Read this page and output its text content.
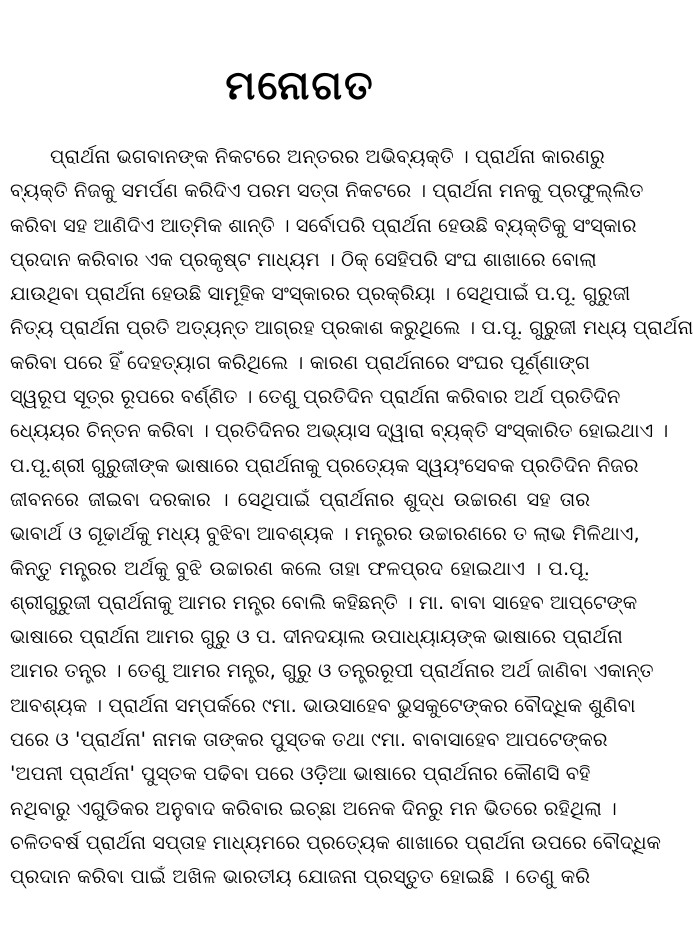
ମନୋଗତ
ପ୍ରାର୍ଥନା ଭଗବାନଙ୍କ ନିକଟରେ ଅନ୍ତରର ଅଭିବ୍ୟକ୍ତି । ପ୍ରାର୍ଥନା କାରଣରୁ
ବ୍ୟକ୍ତି ନିଜକୁ ସମର୍ପଣ କରିଦିଏ ପରମ ସତ୍ତା ନିକଟରେ । ପ୍ରାର୍ଥନା ମନକୁ ପ୍ରଫୁଲ୍ଲିତ
କରିବା ସହ ଆଣିଦିଏ ଆତ୍ମିକ ଶାନ୍ତି । ସର୍ବୋପରି ପ୍ରାର୍ଥନା ହେଉଛି ବ୍ୟକ୍ତିକୁ ସଂସ୍କାର
ପ୍ରଦାନ କରିବାର ଏକ ପ୍ରକୃଷ୍ଟ ମାଧ୍ୟମ । ଠିକ୍ ସେହିପରି ସଂଘ ଶାଖାରେ ବୋଲା
ଯାଉଥିବା ପ୍ରାର୍ଥନା ହେଉଛି ସାମୂହିକ ସଂସ୍କାରର ପ୍ରକ୍ରିୟା । ସେଥିପାଇଁ ପ.ପୂ. ଗୁରୁଜୀ
ନିତ୍ୟ ପ୍ରାର୍ଥନା ପ୍ରତି ଅତ୍ୟନ୍ତ ଆଗ୍ରହ ପ୍ରକାଶ କରୁଥିଲେ । ପ.ପୂ. ଗୁରୁଜୀ ମଧ୍ୟ ପ୍ରାର୍ଥନା
କରିବା ପରେ ହିଁ ଦେହତ୍ୟାଗ କରିଥିଲେ । କାରଣ ପ୍ରାର୍ଥନାରେ ସଂଘର ପୂର୍ଣ୍ଣାଙ୍ଗ
ସ୍ୱରୂପ ସୂତ୍ର ରୂପରେ ବର୍ଣ୍ଣିତ । ତେଣୁ ପ୍ରତିଦିନ ପ୍ରାର୍ଥନା କରିବାର ଅର୍ଥ ପ୍ରତିଦିନ
ଧ୍ୟେୟର ଚିନ୍ତନ କରିବା । ପ୍ରତିଦିନର ଅଭ୍ୟାସ ଦ୍ୱାରା ବ୍ୟକ୍ତି ସଂସ୍କାରିତ ହୋଇଥାଏ ।
ପ.ପୂ.ଶ୍ରୀ ଗୁରୁଜୀଙ୍କ ଭାଷାରେ ପ୍ରାର୍ଥନାକୁ ପ୍ରତ୍ୟେକ ସ୍ୱୟଂସେବକ ପ୍ରତିଦିନ ନିଜର
ଜୀବନରେ ଜୀଇବା ଦରକାର । ସେଥିପାଇଁ ପ୍ରାର୍ଥନାର ଶୁଦ୍ଧ ଉଚ୍ଚାରଣ ସହ ତାର
ଭାବାର୍ଥ ଓ ଗୂଢାର୍ଥକୁ ମଧ୍ୟ ବୁଝିବା ଆବଶ୍ୟକ । ମନ୍ତ୍ରର ଉଚ୍ଚାରଣରେ ତ ଲାଭ ମିଳିଥାଏ,
କିନ୍ତୁ ମନ୍ତ୍ରର ଅର୍ଥକୁ ବୁଝି ଉଚ୍ଚାରଣ କଲେ ତାହା ଫଳପ୍ରଦ ହୋଇଥାଏ । ପ.ପୂ.
ଶ୍ରୀଗୁରୁଜୀ ପ୍ରାର୍ଥନାକୁ ଆମର ମନ୍ତ୍ର ବୋଲି କହିଛନ୍ତି । ମା. ବାବା ସାହେବ ଆପ୍ଟେଙ୍କ
ଭାଷାରେ ପ୍ରାର୍ଥନା ଆମର ଗୁରୁ ଓ ପ. ଦୀନଦୟାଲ ଉପାଧ୍ୟାୟଙ୍କ ଭାଷାରେ ପ୍ରାର୍ଥନା
ଆମର ତନ୍ତ୍ର । ତେଣୁ ଆମର ମନ୍ତ୍ର, ଗୁରୁ ଓ ତନ୍ତ୍ରରୂପୀ ପ୍ରାର୍ଥନାର ଅର୍ଥ ଜାଣିବା ଏକାନ୍ତ
ଆବଶ୍ୟକ । ପ୍ରାର୍ଥନା ସମ୍ପର୍କରେ ୯ମା. ଭାଉସାହେବ ଭୁସକୁଟେଙ୍କର ବୌଦ୍ଧିକ ଶୁଣିବା
ପରେ ଓ 'ପ୍ରାର୍ଥନା' ନାମକ ତାଙ୍କର ପୁସ୍ତକ ତଥା ୯ମା. ବାବାସାହେବ ଆପଟେଙ୍କର
'ଅପନୀ ପ୍ରାର୍ଥନା' ପୁସ୍ତକ ପଢିବା ପରେ ଓଡ଼ିଆ ଭାଷାରେ ପ୍ରାର୍ଥନାର କୌଣସି ବହି
ନଥିବାରୁ ଏଗୁଡିକର ଅନୁବାଦ କରିବାର ଇଚ୍ଛା ଅନେକ ଦିନରୁ ମନ ଭିତରେ ରହିଥିଲା ।
ଚଳିତବର୍ଷ ପ୍ରାର୍ଥନା ସପ୍ତାହ ମାଧ୍ୟମରେ ପ୍ରତ୍ୟେକ ଶାଖାରେ ପ୍ରାର୍ଥନା ଉପରେ ବୌଦ୍ଧିକ
ପ୍ରଦାନ କରିବା ପାଇଁ ଅଖିଳ ଭାରତୀୟ ଯୋଜନା ପ୍ରସ୍ତୁତ ହୋଇଛି । ତେଣୁ କରି
